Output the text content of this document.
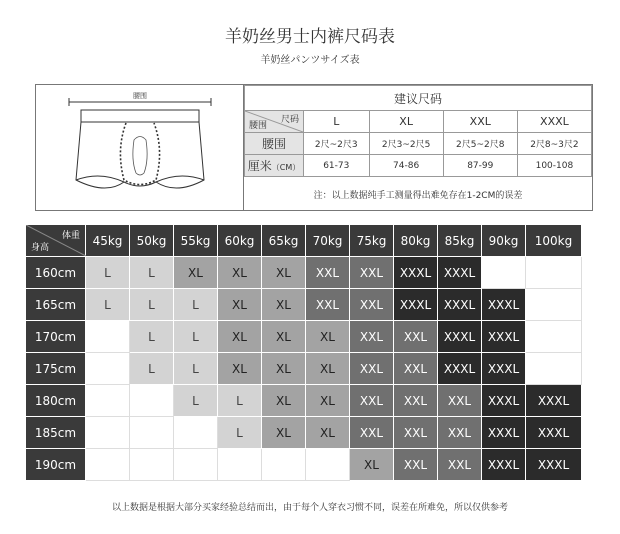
羊奶丝男士内裤尺码表
羊奶丝パンツサイズ表
腰围	建议尺码				

尺码
腰围	L	XL	XXL	XXXL
腰围	2尺~2尺3	2尺3~2尺5	2尺5~2尺8	2尺8~3尺2
厘米（CM）	61-73	74-86	87-99	100-108
注：以上数据纯手工测量得出难免存在1-2CM的误差				
体重
身高	45kg	50kg	55kg	60kg	65kg	70kg	75kg	80kg	85kg	90kg	100kg
160cm	L	L	XL	XL	XL	XXL	XXL	XXXL	XXXL		
165cm	L	L	L	XL	XL	XXL	XXL	XXXL	XXXL	XXXL	
170cm		L	L	XL	XL	XL	XXL	XXL	XXXL	XXXL	
175cm		L	L	XL	XL	XL	XXL	XXL	XXXL	XXXL	
180cm			L	L	XL	XL	XXL	XXL	XXL	XXXL	XXXL
185cm				L	XL	XL	XXL	XXL	XXL	XXXL	XXXL
190cm							XL	XXL	XXL	XXXL	XXXL
以上数据是根据大部分买家经验总结而出，由于每个人穿衣习惯不同，误差在所难免，所以仅供参考
